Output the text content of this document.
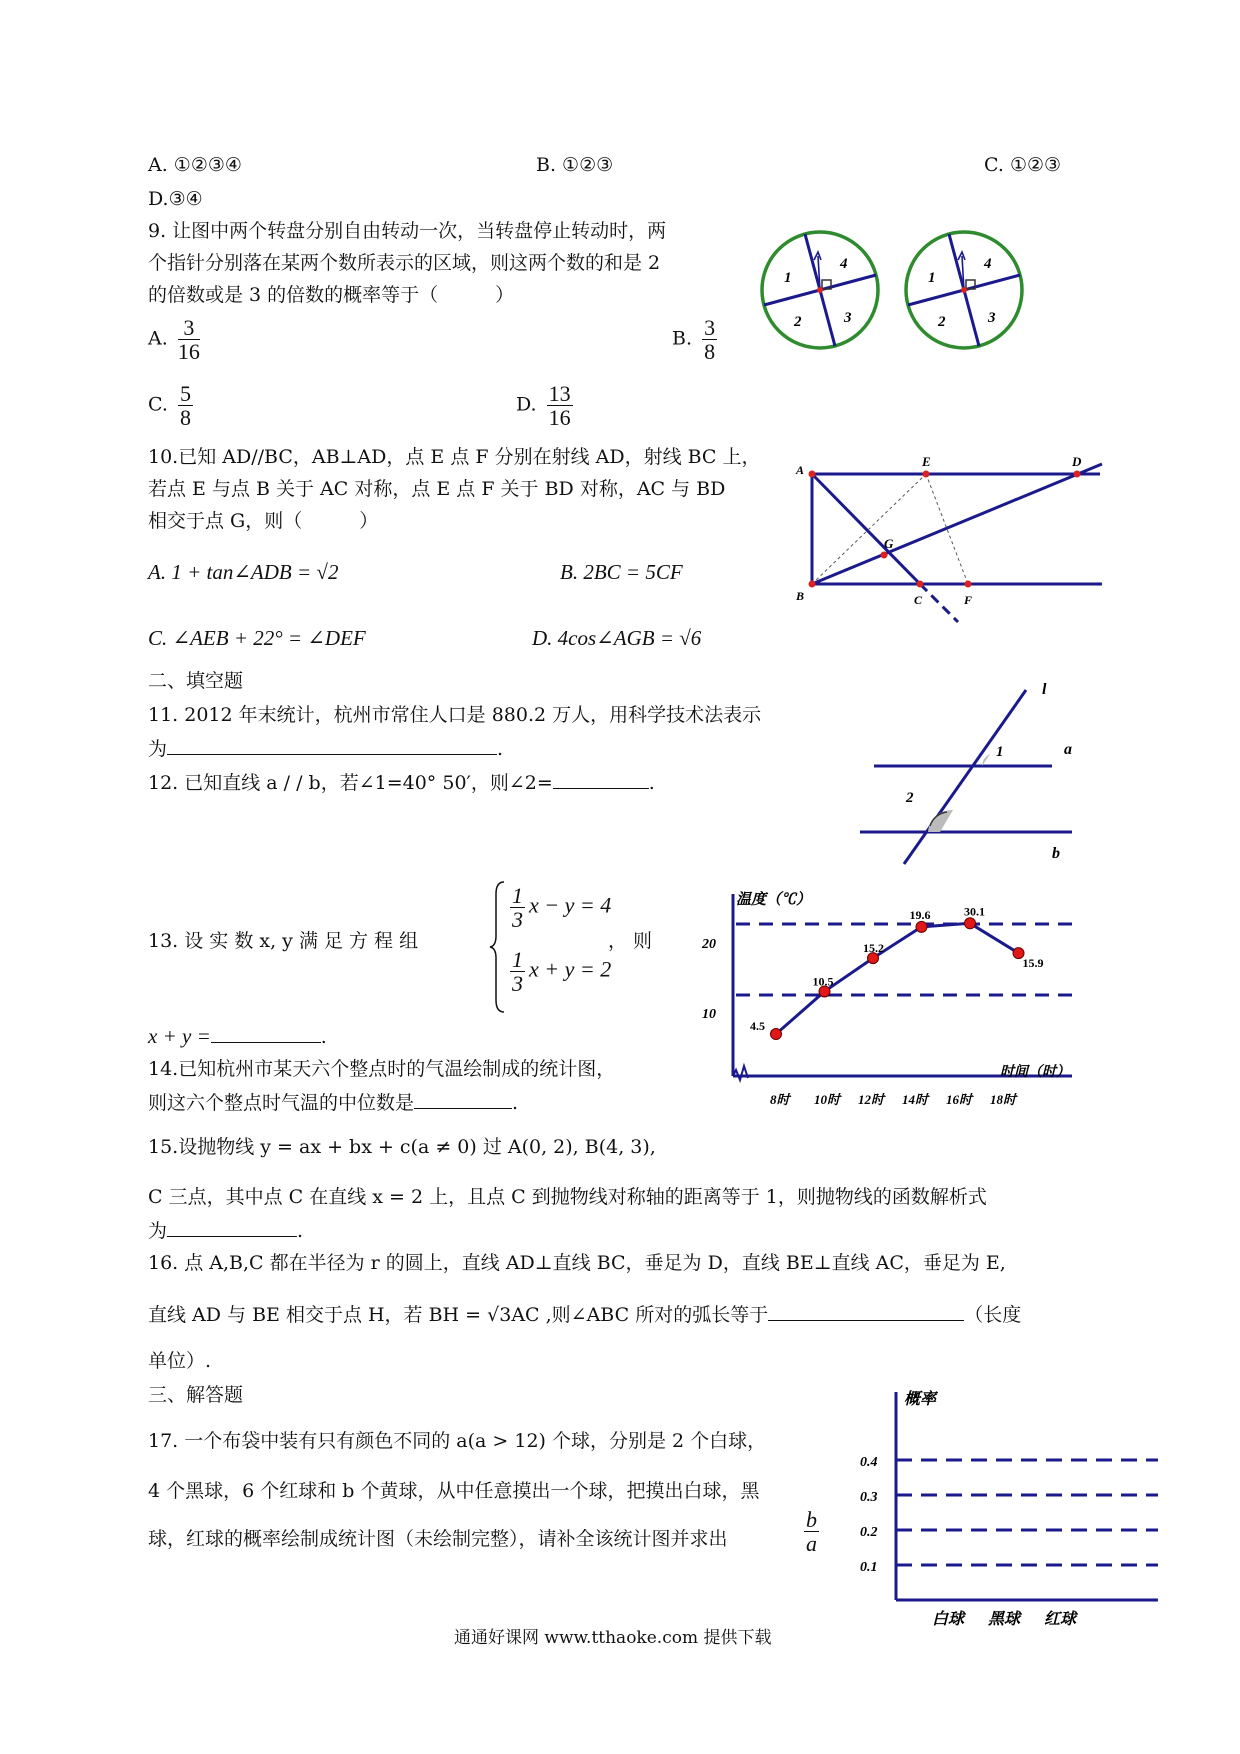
A. ①②③④	B. ①②③	C. ①②③
D.③④
9. 让图中两个转盘分别自由转动一次，当转盘停止转动时，两
个指针分别落在某两个数所表示的区域，则这两个数的和是 2
的倍数或是 3 的倍数的概率等于（　　　）
A. $\frac{3}{16}$	B. $\frac{3}{8}$
C. $\frac{5}{8}$	D. $\frac{13}{16}$
1
4
2	3
1
4
2	3
10.已知 AD//BC，AB⊥AD，点 E 点 F 分别在射线 AD，射线 BC 上，
若点 E 与点 B 关于 AC 对称，点 E 点 F 关于 BD 对称，AC 与 BD
相交于点 G，则（　　　）
A. 1 + tan∠ADB = √2	B. 2BC = 5CF
C. ∠AEB + 22° = ∠DEF	D. 4cos∠AGB = √6
A
E	D
G
B	C	F
二、填空题
11. 2012 年末统计，杭州市常住人口是 880.2 万人，用科学技术法表示
为	.
12. 已知直线 a / / b，若∠1=40° 50′，则∠2=	.
l
a
b
1
2
13. 设 实 数 x, y 满 足 方 程 组
$\frac{1}{3}$ x − y = 4
$\frac{1}{3}$ x + y = 2
， 则
x + y =	.	4.5
10.5
15.2
19.6	30.1
15.9
温度（℃）
时间（时）
20
10
8时 10时 12时 14时 16时 18时
14.已知杭州市某天六个整点时的气温绘制成的统计图，
则这六个整点时气温的中位数是	.
15.设抛物线 y = ax + bx + c(a ≠ 0) 过 A(0, 2), B(4, 3),
C 三点，其中点 C 在直线 x = 2 上，且点 C 到抛物线对称轴的距离等于 1，则抛物线的函数解析式
为	.
16. 点 A,B,C 都在半径为 r 的圆上，直线 AD⊥直线 BC，垂足为 D，直线 BE⊥直线 AC，垂足为 E,
直线 AD 与 BE 相交于点 H，若 BH = √3AC ,则∠ABC 所对的弧长等于	（长度
单位）.
三、解答题
17. 一个布袋中装有只有颜色不同的 a(a > 12) 个球，分别是 2 个白球，
4 个黑球，6 个红球和 b 个黄球，从中任意摸出一个球，把摸出白球，黑
球，红球的概率绘制成统计图（未绘制完整），请补全该统计图并求出	$\frac{b}{a}$
概率
0.4
0.3
0.2
0.1
白球 黑球 红球
通通好课网 www.tthaoke.com 提供下载
